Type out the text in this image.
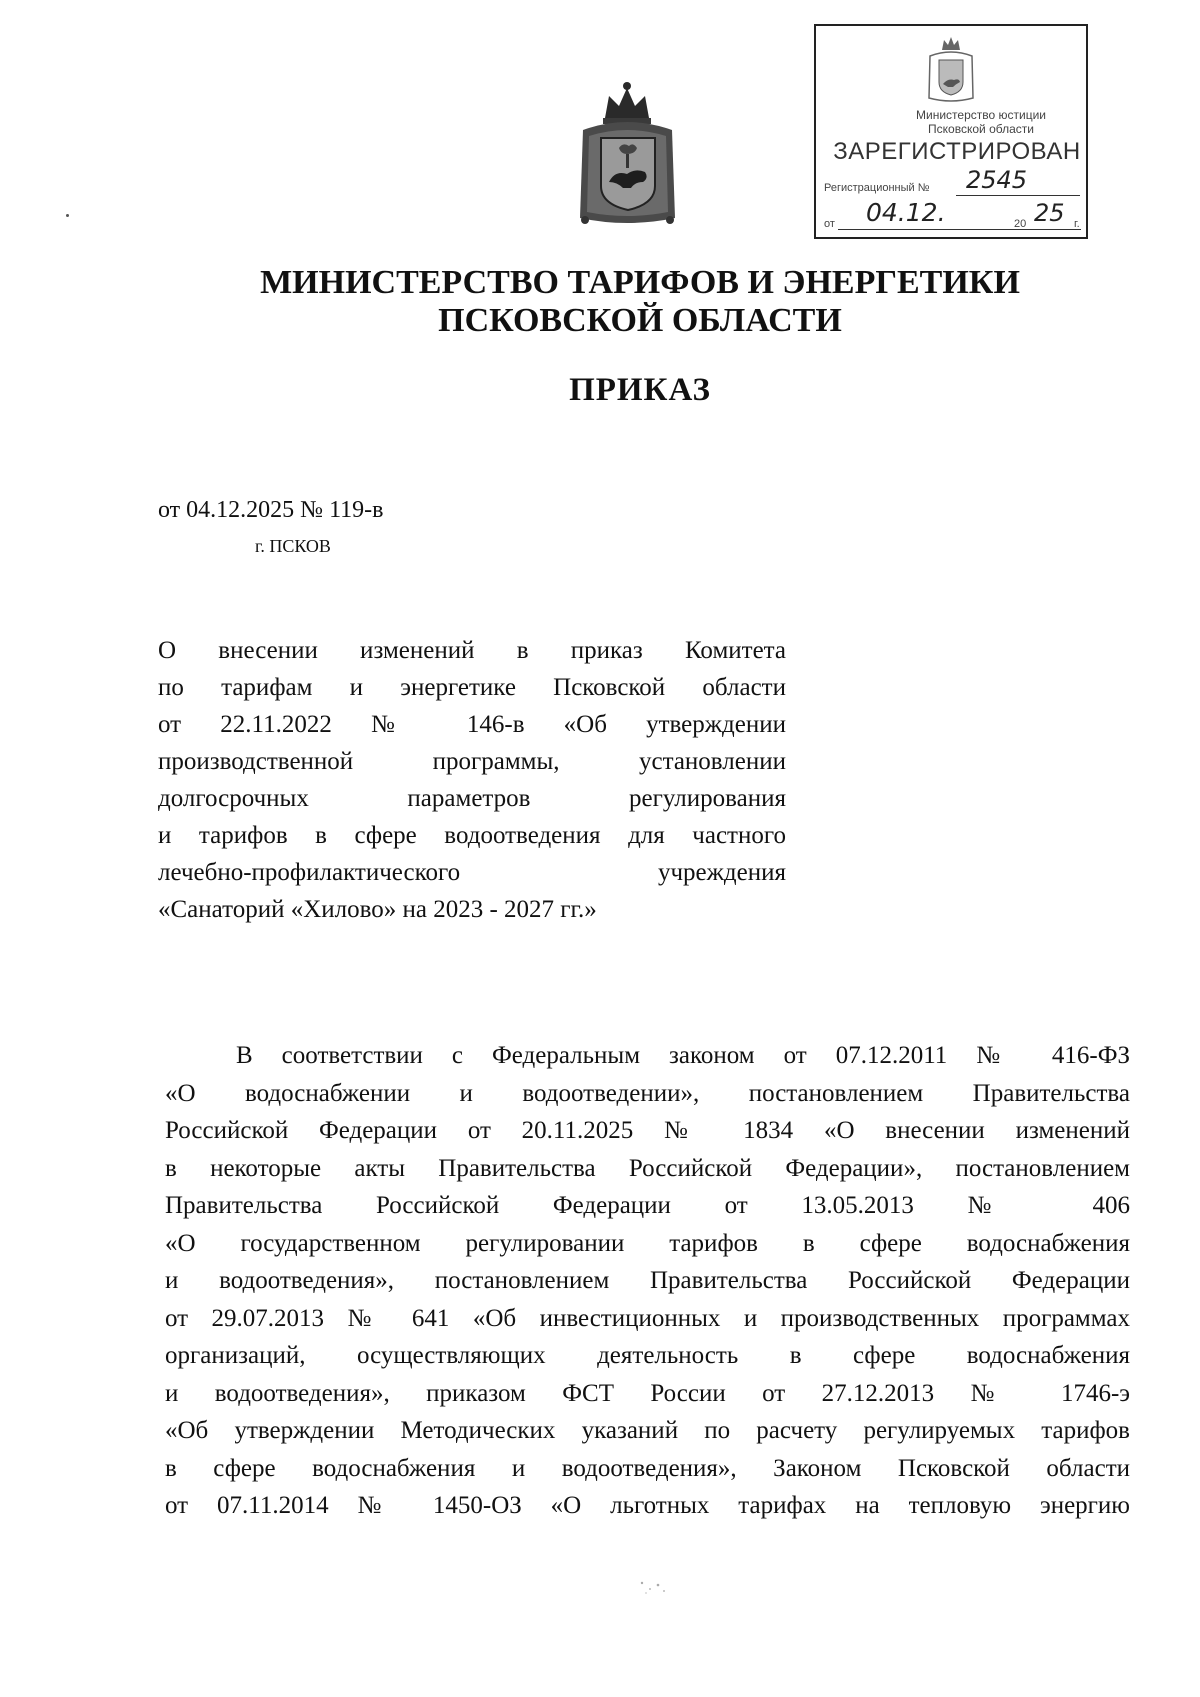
Министерство юстиции
Псковской области
ЗАРЕГИСТРИРОВАН
Регистрационный № 2545
от 04.12.	20 25 г.
МИНИСТЕРСТВО ТАРИФОВ И ЭНЕРГЕТИКИ
ПСКОВСКОЙ ОБЛАСТИ
ПРИКАЗ
от 04.12.2025 № 119-в
г. ПСКОВ
О внесении изменений в приказ Комитета
по тарифам и энергетике Псковской области
от 22.11.2022 № 146-в «Об утверждении
производственной программы, установлении
долгосрочных параметров регулирования
и тарифов в сфере водоотведения для частного
лечебно-профилактического учреждения
«Санаторий «Хилово» на 2023 - 2027 гг.»
В соответствии с Федеральным законом от 07.12.2011 № 416-ФЗ
«О водоснабжении и водоотведении», постановлением Правительства
Российской Федерации от 20.11.2025 № 1834 «О внесении изменений
в некоторые акты Правительства Российской Федерации», постановлением
Правительства Российской Федерации от 13.05.2013 № 406
«О государственном регулировании тарифов в сфере водоснабжения
и водоотведения», постановлением Правительства Российской Федерации
от 29.07.2013 № 641 «Об инвестиционных и производственных программах
организаций, осуществляющих деятельность в сфере водоснабжения
и водоотведения», приказом ФСТ России от 27.12.2013 № 1746-э
«Об утверждении Методических указаний по расчету регулируемых тарифов
в сфере водоснабжения и водоотведения», Законом Псковской области
от 07.11.2014 № 1450-ОЗ «О льготных тарифах на тепловую энергию
